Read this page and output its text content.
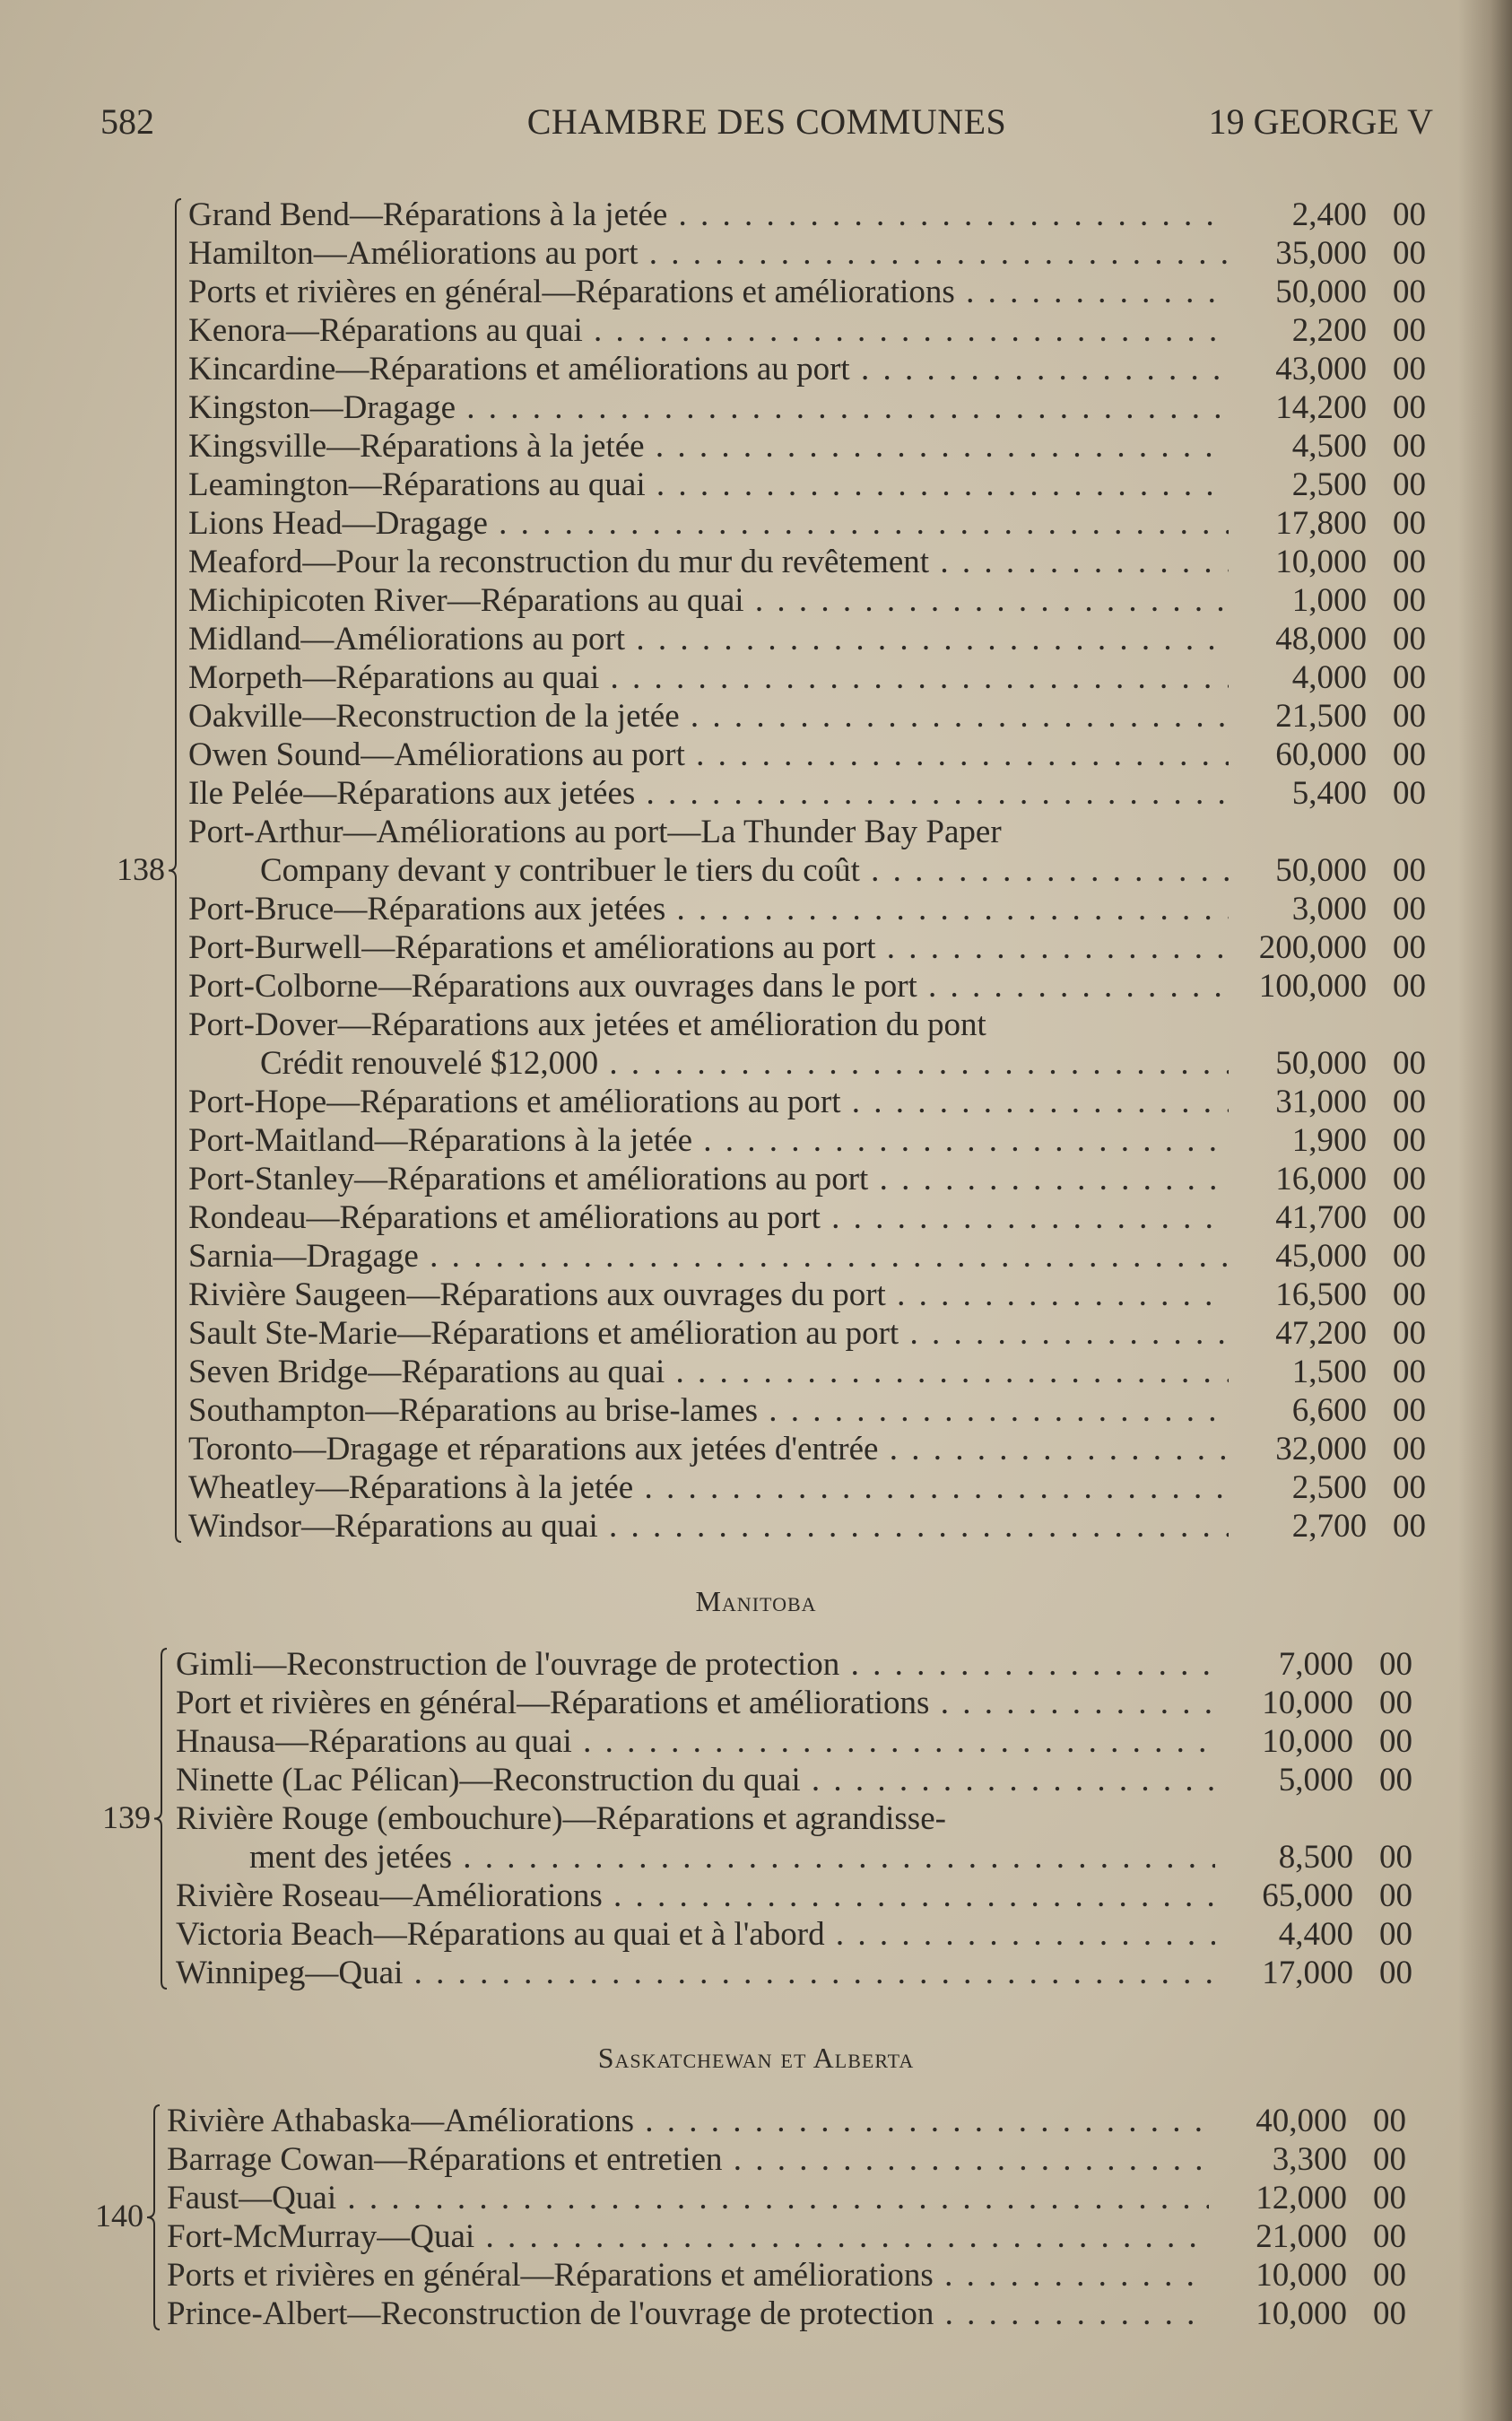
582	CHAMBRE DES COMMUNES	19 GEORGE V
138
Grand Bend—Réparations à la jetée . . .	2,400 00
Hamilton—Améliorations au port . . .	35,000 00
Ports et rivières en général—Réparations et améliorations . . .	50,000 00
Kenora—Réparations au quai . . .	2,200 00
Kincardine—Réparations et améliorations au port . . .	43,000 00
Kingston—Dragage . . .	14,200 00
Kingsville—Réparations à la jetée . . .	4,500 00
Leamington—Réparations au quai . . .	2,500 00
Lions Head—Dragage . . .	17,800 00
Meaford—Pour la reconstruction du mur du revêtement . . .	10,000 00
Michipicoten River—Réparations au quai . . .	1,000 00
Midland—Améliorations au port . . .	48,000 00
Morpeth—Réparations au quai . . .	4,000 00
Oakville—Reconstruction de la jetée . . .	21,500 00
Owen Sound—Améliorations au port . . .	60,000 00
Ile Pelée—Réparations aux jetées . . .	5,400 00
Port-Arthur—Améliorations au port—La Thunder Bay Paper
Company devant y contribuer le tiers du coût . . .	50,000 00
Port-Bruce—Réparations aux jetées . . .	3,000 00
Port-Burwell—Réparations et améliorations au port . . .	200,000 00
Port-Colborne—Réparations aux ouvrages dans le port . . .	100,000 00
Port-Dover—Réparations aux jetées et amélioration du pont
Crédit renouvelé $12,000 . . .	50,000 00
Port-Hope—Réparations et améliorations au port . . .	31,000 00
Port-Maitland—Réparations à la jetée . . .	1,900 00
Port-Stanley—Réparations et améliorations au port . . .	16,000 00
Rondeau—Réparations et améliorations au port . . .	41,700 00
Sarnia—Dragage . . .	45,000 00
Rivière Saugeen—Réparations aux ouvrages du port . . .	16,500 00
Sault Ste-Marie—Réparations et amélioration au port . . .	47,200 00
Seven Bridge—Réparations au quai . . .	1,500 00
Southampton—Réparations au brise-lames . . .	6,600 00
Toronto—Dragage et réparations aux jetées d'entrée . . .	32,000 00
Wheatley—Réparations à la jetée . . .	2,500 00
Windsor—Réparations au quai . . .	2,700 00
Manitoba
139
Gimli—Reconstruction de l'ouvrage de protection . . .	7,000 00
Port et rivières en général—Réparations et améliorations . . .	10,000 00
Hnausa—Réparations au quai . . .	10,000 00
Ninette (Lac Pélican)—Reconstruction du quai . . .	5,000 00
Rivière Rouge (embouchure)—Réparations et agrandisse-
ment des jetées . . .	8,500 00
Rivière Roseau—Améliorations . . .	65,000 00
Victoria Beach—Réparations au quai et à l'abord . . .	4,400 00
Winnipeg—Quai . . .	17,000 00
Saskatchewan et Alberta
140
Rivière Athabaska—Améliorations . . .	40,000 00
Barrage Cowan—Réparations et entretien . . .	3,300 00
Faust—Quai . . .	12,000 00
Fort-McMurray—Quai . . .	21,000 00
Ports et rivières en général—Réparations et améliorations . . .	10,000 00
Prince-Albert—Reconstruction de l'ouvrage de protection . . .	10,000 00
